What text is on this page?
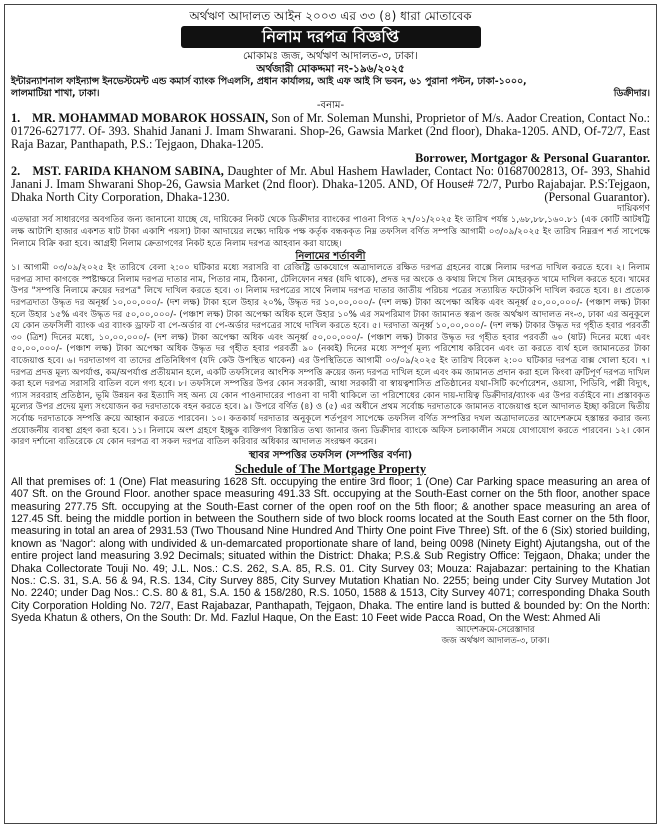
অর্থঋণ আদালত আইন ২০০৩ এর ৩৩ (৪) ধারা মোতাবেক
নিলাম দরপত্র বিজ্ঞপ্তি
মোকামঃ জজ, অর্থঋণ আদালত-৩, ঢাকা।
অর্থজারী মোকদ্দমা নং-১৯৬/২০২৫
ইন্টারন্যাশনাল ফাইন্যান্স ইনভেস্টমেন্ট এন্ড কমার্স ব্যাংক পিএলসি, প্রধান কার্যালয়, আই এফ আই সি ভবন, ৬১ পুরানা পল্টন, ঢাকা-১০০০,
লালমাটিয়া শাখা, ঢাকা।	ডিক্রীদার।
-বনাম-
1. MR. MOHAMMAD MOBAROK HOSSAIN, Son of Mr. Soleman Munshi, Proprietor of M/s. Aador Creation, Contact No.: 01726-627177. Of- 393. Shahid Janani J. Imam Shwarani. Shop-26, Gawsia Market (2nd floor), Dhaka-1205. AND, Of-72/7, East Raja Bazar, Panthapath, P.S.: Tejgaon, Dhaka-1205.
Borrower, Mortgagor & Personal Guarantor.
2. MST. FARIDA KHANOM SABINA, Daughter of Mr. Abul Hashem Hawlader, Contact No: 01687002813, Of- 393, Shahid Janani J. Imam Shwarani Shop-26, Gawsia Market (2nd floor). Dhaka-1205. AND, Of House# 72/7, Purbo Rajabajar. P.S:Tejgaon, Dhaka North City Corporation, Dhaka-1230.	(Personal Guarantor).
দায়িকগণ
এতদ্বারা সর্ব সাধারণের অবগতির জন্য জানানো যাচ্ছে যে, দায়িকের নিকট থেকে ডিক্রীদার ব্যাংকের পাওনা বিগত ২৭/০১/২০২৫ ইং তারিখ পর্যন্ত ১,৬৮,৮৮,১৬০.৮১ (এক কোটি আটষট্টি লক্ষ আটাশি হাজার একশত ষাট টাকা একাশি পয়সা) টাকা আদায়ের লক্ষ্যে দায়িক পক্ষ কর্তৃক বন্ধককৃত নিম্ন তফসিল বর্ণিত সম্পত্তি আগামী ০৩/০৯/২০২৫ ইং তারিখ নিম্নরূপ শর্ত সাপেক্ষে নিলামে বিক্রি করা হবে। আগ্রহী নিলাম ক্রেতাগণের নিকট হতে নিলাম দরপত্র আহবান করা যাচ্ছে।
নিলামের শর্তাবলী
১। আগামী ০৩/০৯/২০২৫ ইং তারিখে বেলা ২:০০ ঘটিকার মধ্যে সরাসরি বা রেজিষ্ট্রি ডাকযোগে অত্রাদালতে রক্ষিত দরপত্র গ্রহনের বাক্সে নিলাম দরপত্র দাখিল করতে হবে। ২। নিলাম দরপত্র সাদা কাগজে স্পষ্টাক্ষরে নিলাম দরপত্র দাতার নাম, পিতার নাম, ঠিকানা, টেলিফোন নম্বর (যদি থাকে), প্রদত্ত দর অংকে ও কথায় লিখে সিল মোহরকৃত খামে দাখিল করতে হবে। খামের উপর "সম্পত্তি নিলামে ক্রয়ের দরপত্র" লিখে দাখিল করতে হবে। ৩। নিলাম দরপত্রের সাথে নিলাম দরপত্র দাতার জাতীয় পরিচয় পত্রের সত্যায়িত ফটোকপি দাখিল করতে হবে। ৪। প্রত্যেক দরপত্রদাতা উদ্ধৃত দর অনূর্ধ্ব ১০,০০,০০০/- (দশ লক্ষ) টাকা হলে উহার ২০%, উদ্ধৃত দর ১০,০০,০০০/- (দশ লক্ষ) টাকা অপেক্ষা অধিক এবং অনূর্ধ্ব ৫০,০০,০০০/- (পঞ্চাশ লক্ষ) টাকা হলে উহার ১৫% এবং উদ্ধৃত দর ৫০,০০,০০০/- (পঞ্চাশ লক্ষ) টাকা অপেক্ষা অধিক হলে উহার ১০% এর সমপরিমাণ টাকা জামানত স্বরূপ জজ অর্থঋণ আদালত নং-৩, ঢাকা এর অনুকূলে যে কোন তফসিলী ব্যাংক এর ব্যাংক ড্রাফট বা পে-অর্ডার বা পে-অর্ডার দরপত্রের সাথে দাখিল করতে হবে। ৫। দরদাতা অনূর্ধ্ব ১০,০০,০০০/- (দশ লক্ষ) টাকার উদ্ধৃত দর গৃহীত হবার পরবর্তী ৩০ (ত্রিশ) দিনের মধ্যে, ১০,০০,০০০/- (দশ লক্ষ) টাকা অপেক্ষা অধিক এবং অনূর্ধ্ব ৫০,০০,০০০/- (পঞ্চাশ লক্ষ) টাকার উদ্ধৃত দর গৃহীত হবার পরবর্তী ৬০ (ষাট) দিনের মধ্যে এবং ৫০,০০,০০০/- (পঞ্চাশ লক্ষ) টাকা অপেক্ষা অধিক উদ্ধৃত দর গৃহীত হবার পরবর্তী ৯০ (নব্বই) দিনের মধ্যে সম্পূর্ণ মূল্য পরিশোধ করিবেন এবং তা করতে ব্যর্থ হলে জামানতের টাকা বাজেয়াপ্ত হবে। ৬। দরদাতাগণ বা তাদের প্রতিনিধিগণ (যদি কেউ উপস্থিত থাকেন) এর উপস্থিতিতে আগামী ০৩/০৯/২০২৫ ইং তারিখ বিকেল ২:০০ ঘটিকার দরপত্র বাক্স খোলা হবে। ৭। দরপত্র প্রদত্ত মূল্য অপর্যাপ্ত, কম/অপর্যাপ্ত প্রতীয়মান হলে, একটি তফসিলের আংশিক সম্পত্তি ক্রয়ের জন্য দরপত্র দাখিল হলে এবং কম জামানত প্রদান করা হলে কিংবা ত্রুটিপূর্ণ দরপত্র দাখিল করা হলে দরপত্র সরাসরি বাতিল বলে গণ্য হবে। ৮। তফসিলে সম্পত্তির উপর কোন সরকারী, আধা সরকারী বা স্বায়ত্বশাসিত প্রতিষ্ঠানের যথা-সিটি কর্পোরেশন, ওয়াসা, পিডিবি, পল্লী বিদ্যুৎ, গ্যাস সরবরাহ প্রতিষ্ঠান, ভূমি উন্নয়ন কর ইত্যাদি সহ অন্য যে কোন পাওনাদারের পাওনা বা দাবী থাকিলে তা পরিশোধের কোন দায়-দায়িত্ব ডিক্রীদার/ব্যাংক এর উপর বর্তাইবে না। প্রস্তাবকৃত মূল্যের উপর প্রদেয় মূল্য সংযোজন কর দরদাতাকে বহন করতে হবে। ৯। উপরে বর্ণিত (৪) ও (৫) এর অধীনে প্রথম সর্বোচ্চ দরদাতাকে জামানত বাজেয়াপ্ত হলে আদালত ইচ্ছা করিলে দ্বিতীয় সর্বোচ্চ দরদাতাকে সম্পত্তি ক্রয়ে আহ্বান করতে পারবেন। ১০। কতকার্য দরদাতার অনুকূলে শর্তপূরণ সাপেক্ষে তফসিল বর্ণিত সম্পত্তির দখল অত্রাদালতের আদেশক্রমে হস্তান্তর করার জন্য প্রয়োজনীয় ব্যবস্থা গ্রহণ করা হবে। ১১। নিলামে অংশ গ্রহণে ইচ্ছুক ব্যক্তিগণ বিস্তারিত তথ্য জানার জন্য ডিক্রীদার ব্যাংকে অফিস চলাকালীন সময়ে যোগাযোগ করতে পারবেন। ১২। কোন কারণ দর্শানো ব্যতিরেকে যে কোন দরপত্র বা সকল দরপত্র বাতিল করিবার অধিকার আদালত সংরক্ষণ করেন।
স্থাবর সম্পত্তির তফসিল (সম্পত্তির বর্ণনা)
Schedule of The Mortgage Property
All that premises of: 1 (One) Flat measuring 1628 Sft. occupying the entire 3rd floor; 1 (One) Car Parking space measuring an area of 407 Sft. on the Ground Floor. another space measuring 491.33 Sft. occupying at the South-East corner on the 5th floor, another space measuring 277.75 Sft. occupying at the South-East corner of the open roof on the 5th floor; & another space measuring an area of 127.45 Sft. being the middle portion in between the Southern side of two block rooms located at the South East corner on the 5th floor, measuring in total an area of 2931.53 (Two Thousand Nine Hundred And Thirty One point Five Three) Sft. of the 6 (Six) storied building, known as 'Nagor': along with undivided & un-demarcated proportionate share of land, being 0098 (Ninety Eight) Ajutangsha, out of the entire project land measuring 3.92 Decimals; situated within the District: Dhaka; P.S.& Sub Registry Office: Tejgaon, Dhaka; under the Dhaka Collectorate Touji No. 49; J.L. Nos.: C.S. 262, S.A. 85, R.S. 01. City Survey 03; Mouza: Rajabazar: pertaining to the Khatian Nos.: C.S. 31, S.A. 56 & 94, R.S. 134, City Survey 885, City Survey Mutation Khatian No. 2255; being under City Survey Mutation Jot No. 2240; under Dag Nos.: C.S. 80 & 81, S.A. 150 & 158/280, R.S. 1050, 1588 & 1513, City Survey 4071; corresponding Dhaka South City Corporation Holding No. 72/7, East Rajabazar, Panthapath, Tejgaon, Dhaka. The entire land is butted & bounded by: On the North: Syeda Khatun & others, On the South: Dr. Md. Fazlul Haque, On the East: 10 Feet wide Pacca Road, On the West: Ahmed Ali
আদেশক্রমে-সেরেস্তাদার
জজ অর্থঋণ আদালত-৩, ঢাকা।
